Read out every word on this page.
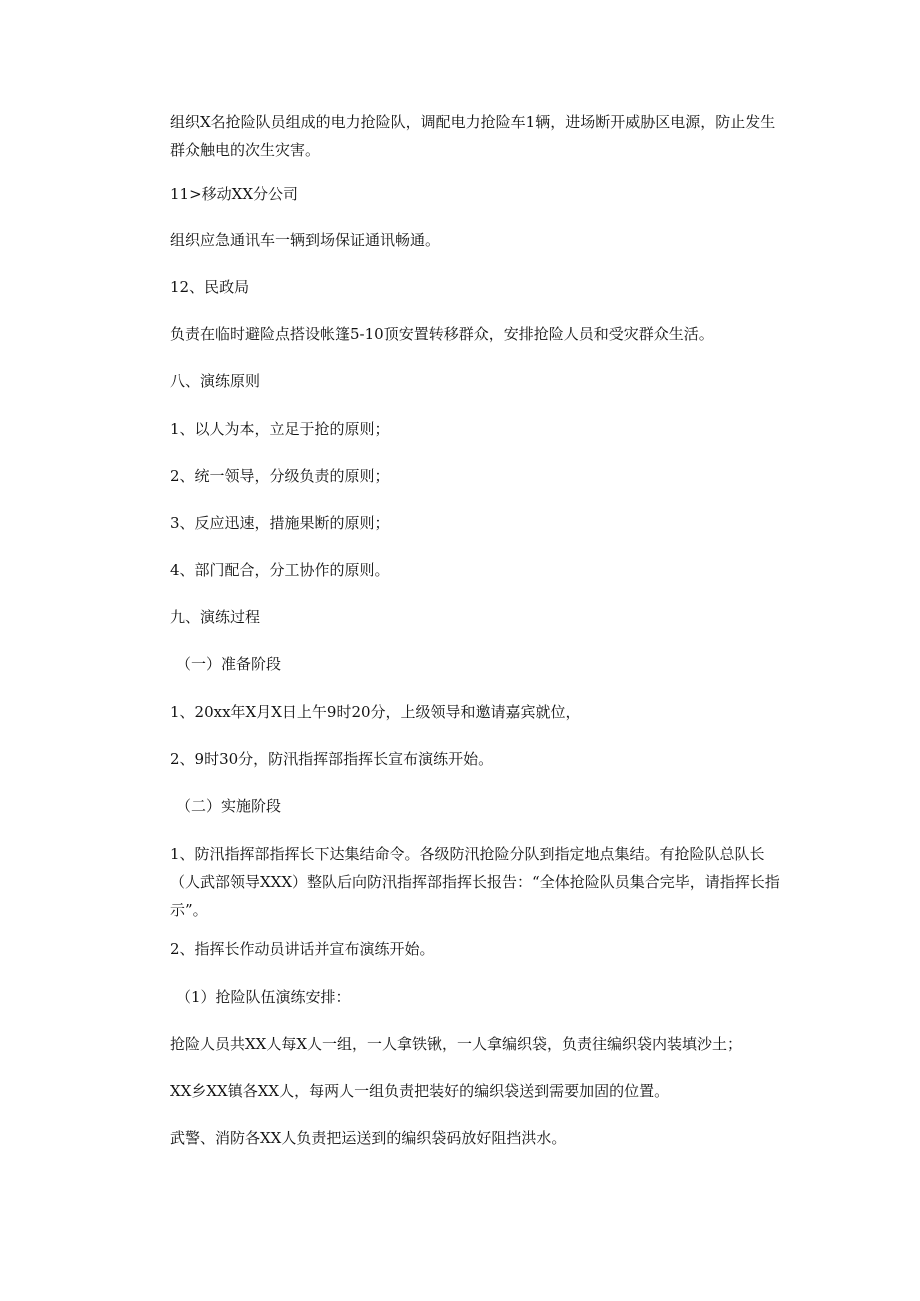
组织X名抢险队员组成的电力抢险队，调配电力抢险车1辆，进场断开威胁区电源，防止发生群众触电的次生灾害。

11>移动XX分公司

组织应急通讯车一辆到场保证通讯畅通。

12、民政局

负责在临时避险点搭设帐篷5-10顶安置转移群众，安排抢险人员和受灾群众生活。

八、演练原则

1、以人为本，立足于抢的原则；

2、统一领导，分级负责的原则；

3、反应迅速，措施果断的原则；

4、部门配合，分工协作的原则。

九、演练过程

（一）准备阶段

1、20xx年X月X日上午9时20分，上级领导和邀请嘉宾就位，

2、9时30分，防汛指挥部指挥长宣布演练开始。

（二）实施阶段

1、防汛指挥部指挥长下达集结命令。各级防汛抢险分队到指定地点集结。有抢险队总队长（人武部领导XXX）整队后向防汛指挥部指挥长报告：“全体抢险队员集合完毕，请指挥长指示”。

2、指挥长作动员讲话并宣布演练开始。

（1）抢险队伍演练安排：

抢险人员共XX人每X人一组，一人拿铁锹，一人拿编织袋，负责往编织袋内装填沙土；

XX乡XX镇各XX人，每两人一组负责把装好的编织袋送到需要加固的位置。

武警、消防各XX人负责把运送到的编织袋码放好阻挡洪水。
